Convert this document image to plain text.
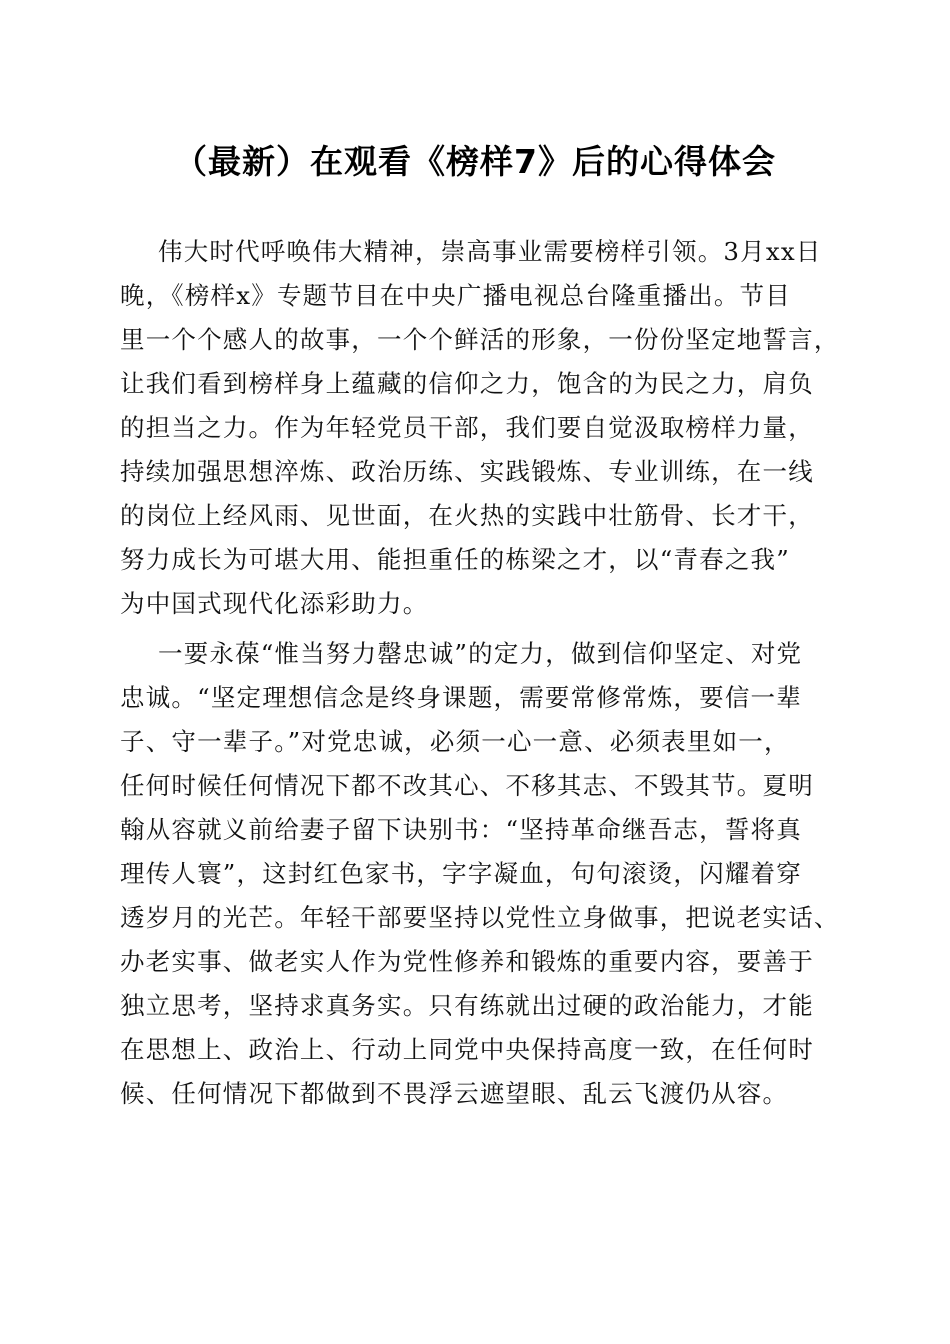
（最新）在观看《榜样7》后的心得体会
伟大时代呼唤伟大精神，崇高事业需要榜样引领。3月xx日
晚，《榜样x》专题节目在中央广播电视总台隆重播出。节目
里一个个感人的故事，一个个鲜活的形象，一份份坚定地誓言，
让我们看到榜样身上蕴藏的信仰之力，饱含的为民之力，肩负
的担当之力。作为年轻党员干部，我们要自觉汲取榜样力量，
持续加强思想淬炼、政治历练、实践锻炼、专业训练，在一线
的岗位上经风雨、见世面，在火热的实践中壮筋骨、长才干，
努力成长为可堪大用、能担重任的栋梁之才，以“青春之我”
为中国式现代化添彩助力。
一要永葆“惟当努力罄忠诚”的定力，做到信仰坚定、对党
忠诚。“坚定理想信念是终身课题，需要常修常炼，要信一辈
子、守一辈子。”对党忠诚，必须一心一意、必须表里如一，
任何时候任何情况下都不改其心、不移其志、不毁其节。夏明
翰从容就义前给妻子留下诀别书：“坚持革命继吾志，誓将真
理传人寰”，这封红色家书，字字凝血，句句滚烫，闪耀着穿
透岁月的光芒。年轻干部要坚持以党性立身做事，把说老实话、
办老实事、做老实人作为党性修养和锻炼的重要内容，要善于
独立思考，坚持求真务实。只有练就出过硬的政治能力，才能
在思想上、政治上、行动上同党中央保持高度一致，在任何时
候、任何情况下都做到不畏浮云遮望眼、乱云飞渡仍从容。
